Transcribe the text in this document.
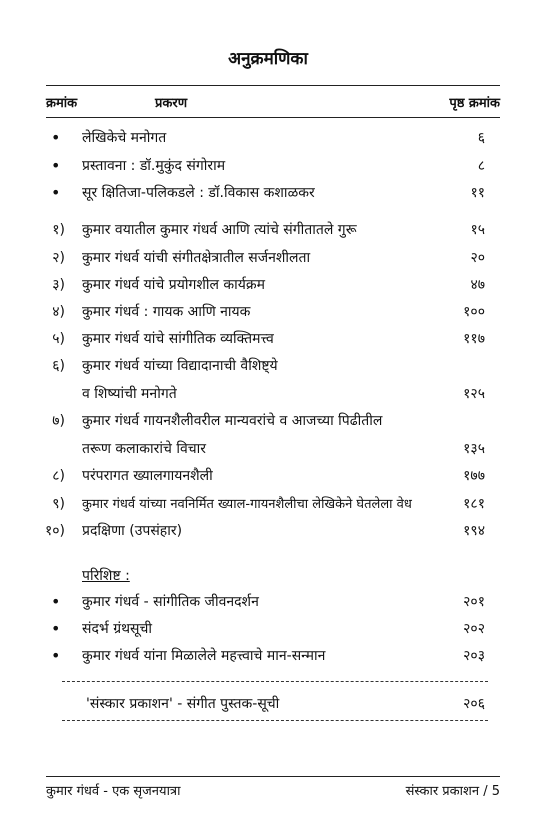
अनुक्रमणिका
क्रमांक	प्रकरण	पृष्ठ क्रमांक
• लेखिकेचे मनोगत	६
• प्रस्तावना : डॉ.मुकुंद संगोराम	८
• सूर क्षितिजा-पलिकडले : डॉ.विकास कशाळकर	११
१) कुमार वयातील कुमार गंधर्व आणि त्यांचे संगीतातले गुरू	१५
२) कुमार गंधर्व यांची संगीतक्षेत्रातील सर्जनशीलता	२०
३) कुमार गंधर्व यांचे प्रयोगशील कार्यक्रम	४७
४) कुमार गंधर्व : गायक आणि नायक	१००
५) कुमार गंधर्व यांचे सांगीतिक व्यक्तिमत्त्व	११७
६) कुमार गंधर्व यांच्या विद्यादानाची वैशिष्ट्ये
व शिष्यांची मनोगते	१२५
७) कुमार गंधर्व गायनशैलीवरील मान्यवरांचे व आजच्या पिढीतील
तरूण कलाकारांचे विचार	१३५
८) परंपरागत ख्यालगायनशैली	१७७
९) कुमार गंधर्व यांच्या नवनिर्मित ख्याल-गायनशैलीचा लेखिकेने घेतलेला वेध	१८१
१०) प्रदक्षिणा (उपसंहार)	१९४
परिशिष्ट :
• कुमार गंधर्व - सांगीतिक जीवनदर्शन	२०१
• संदर्भ ग्रंथसूची	२०२
• कुमार गंधर्व यांना मिळालेले महत्त्वाचे मान-सन्मान	२०३
'संस्कार प्रकाशन' - संगीत पुस्तक-सूची	२०६
कुमार गंधर्व - एक सृजनयात्रा	संस्कार प्रकाशन / 5
